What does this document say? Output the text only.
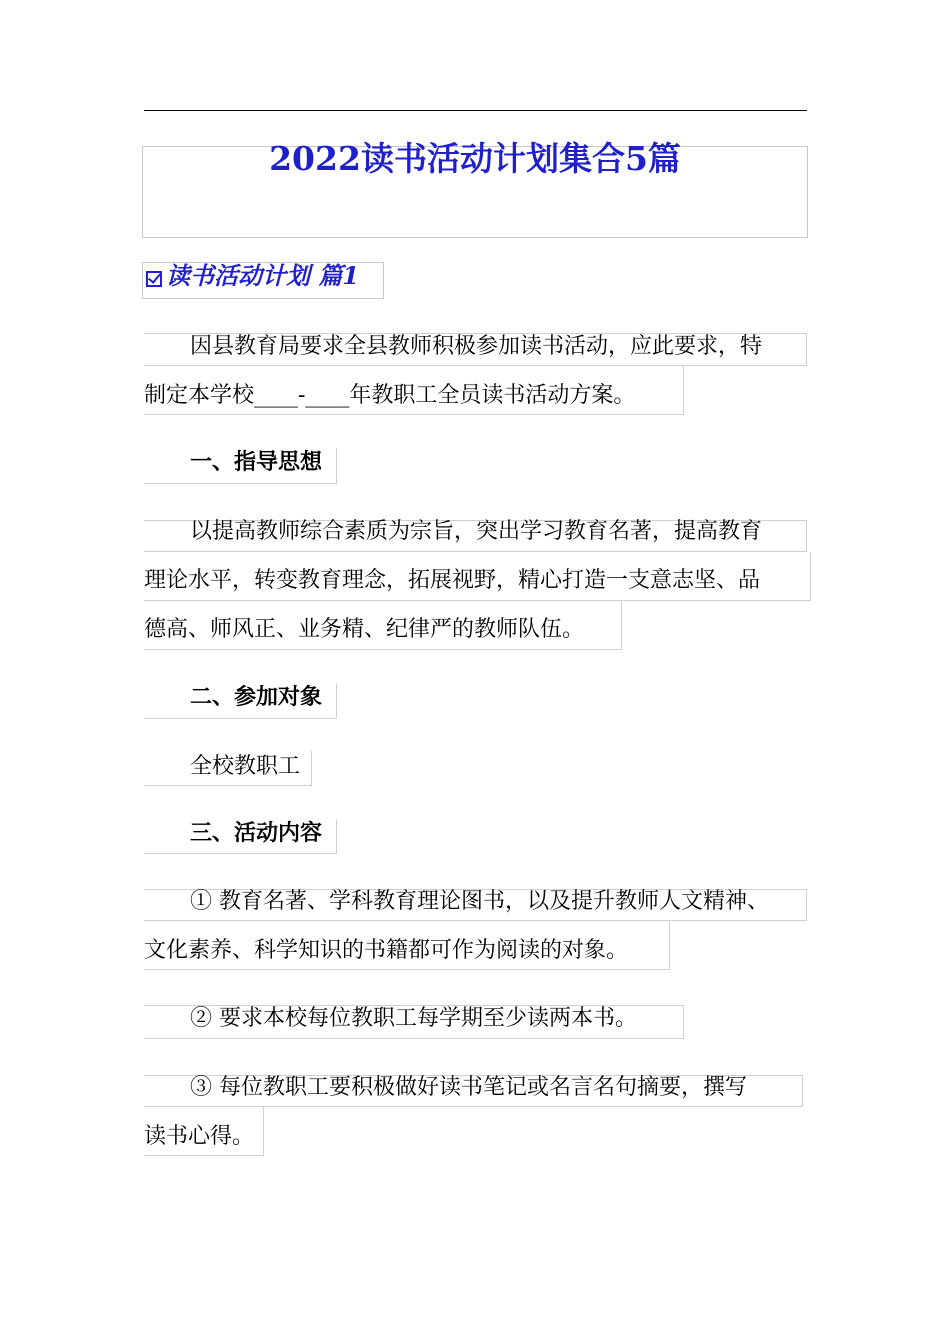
2022读书活动计划集合5篇
读书活动计划 篇1
因县教育局要求全县教师积极参加读书活动，应此要求，特
制定本学校____-____年教职工全员读书活动方案。
一、指导思想
以提高教师综合素质为宗旨，突出学习教育名著，提高教育
理论水平，转变教育理念，拓展视野，精心打造一支意志坚、品
德高、师风正、业务精、纪律严的教师队伍。
二、参加对象
全校教职工
三、活动内容
① 教育名著、学科教育理论图书，以及提升教师人文精神、
文化素养、科学知识的书籍都可作为阅读的对象。
② 要求本校每位教职工每学期至少读两本书。
③ 每位教职工要积极做好读书笔记或名言名句摘要，撰写
读书心得。
